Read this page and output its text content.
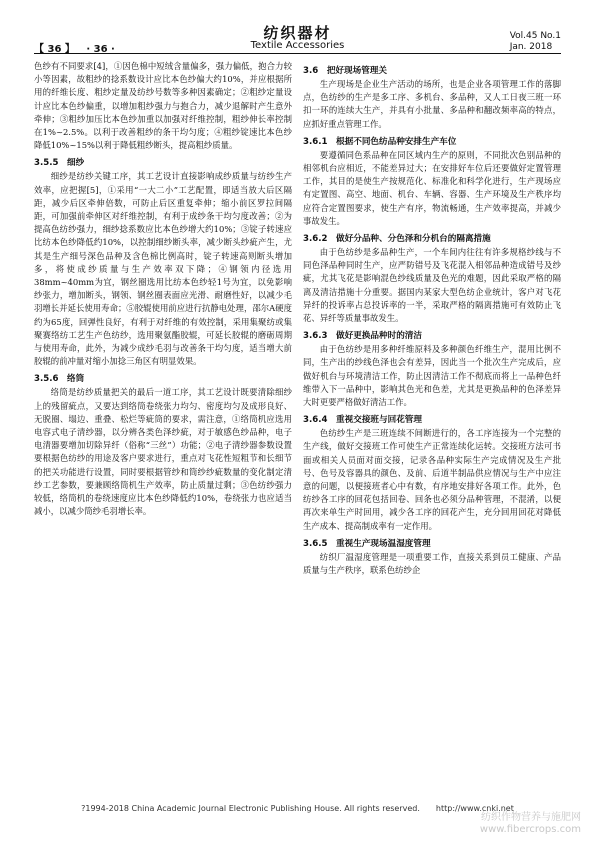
【 36 】 · 36 ·
纺织器材
Textile Accessories
Vol.45 No.1
Jan. 2018

色纱有不同要求[4]，①因色棉中短绒含量偏多，强力偏低，抱合力较小等因素，故粗纱的捻系数设计应比本色纱偏大约10%，并应根据所用的纤维长度、粗纱定量及纺纱号数等多种因素确定；②粗纱定量设计应比本色纱偏重，以增加粗纱强力与抱合力，减少退解时产生意外牵伸；③粗纱加压比本色纱加重以加强对纤维控制，粗纱伸长率控制在1%~2.5%。以利于改善粗纱的条干均匀度；④粗纱锭速比本色纱降低10%~15%以利于降低粗纱断头，提高粗纱质量。

3.5.5　细纱

细纱是纺纱关键工序，其工艺设计直接影响成纱质量与纺纱生产效率，应把握[5]，①采用“一大二小”工艺配置，即适当放大后区隔距，减少后区牵伸倍数，可防止后区重复牵伸；缩小前区罗拉间隔距，可加强前牵伸区对纤维控制，有利于成纱条干均匀度改善；②为提高色纺纱强力，细纱捻系数应比本色纱增大约10%；③锭子转速应比纺本色纱降低约10%，以控制细纱断头率，减少断头纱疵产生，尤其是生产细号深色品种及含色棉比例高时，锭子转速高则断头增加多，将使成纱质量与生产效率双下降；④钢领内径选用38mm~40mm为宜，钢丝圈选用比纺本色纱轻1号为宜，以免影响纱张力，增加断头，钢领、钢丝圈表面应光滑、耐磨性好，以减少毛羽增长并延长使用寿命；⑤胶辊使用前应进行抗静电处理，邵尔A硬度约为65度，回弹性良好，有利于对纤维的有效控制，采用集聚纺或集聚赛络纺工艺生产色纺纱，选用聚氨酯胶辊，可延长胶辊的磨砺周期与使用寿命，此外，为减少成纱毛羽与改善条干均匀度，适当增大前胶辊的前冲量对缩小加捻三角区有明显效果。

3.5.6　络筒

络筒是纺纱质量把关的最后一道工序，其工艺设计既要清除细纱上的残留疵点，又要达到络筒卷绕张力均匀、密度均匀及成形良好、无脱圈、塌边、重叠、松烂等疵筒的要求，需注意，①络筒机应选用电容式电子清纱器，以分辨各类色泽纱疵，对于敏感色纱品种，电子电清器要增加切除异纤（俗称“三丝”）功能；②电子清纱器参数设置要根据色纺纱的用途及客户要求进行，重点对飞花性短粗节和长细节的把关功能进行设置，同时要根据管纱和筒纱纱疵数量的变化制定清纱工艺参数，要兼顾络筒机生产效率，防止质量过剩；③色纺纱强力较低，络筒机的卷绕速度应比本色纱降低约10%，卷绕张力也应适当减小，以减少筒纱毛羽增长率。

3.6　把好现场管理关

生产现场是企业生产活动的场所，也是企业各项管理工作的落脚点，色纺纱的生产是多工序、多机台、多品种，又人工日夜三班一环扣一环的连续大生产，并具有小批量、多品种和翻改频率高的特点，应抓好重点管理工作。

3.6.1　根据不同色纺品种安排生产车位

要遵循同色系品种在同区域内生产的原则，不同批次色别品种的相邻机台应相近，不能差异过大；在安排好车位后还要做好定置管理工作，其目的是使生产按规范化、标准化和科学化进行，生产现场应有定置图、高空、地面、机台、车辆、容器、生产环境及生产秩序均应符合定置图要求，使生产有序，物流畅通，生产效率提高，并减少事故发生。

3.6.2　做好分品种、分色泽和分机台的隔离措施

由于色纺纱是多品种生产，一个车间内往往有许多规格纱线与不同色泽品种同时生产，应严防错号及飞花混入相邻品种造成错号及纱疵，尤其飞花是影响混色纱线质量及色光的难题，因此采取严格的隔离及清洁措施十分重要。据国内某家大型色纺企业统计，客户对飞花异纤的投诉率占总投诉率的一半，采取严格的隔离措施可有效防止飞花、异纤等质量事故发生。

3.6.3　做好更换品种时的清洁

由于色纺纱是用多种纤维原料及多种颜色纤维生产，混用比例不同，生产出的纱线色泽也会有差异，因此当一个批次生产完成后，应做好机台与环境清洁工作，防止因清洁工作不彻底而将上一品种色纤维带入下一品种中，影响其色光和色差，尤其是更换品种的色泽差异大时更要严格做好清洁工作。

3.6.4　重视交接班与回花管理

色纺纱生产是三班连续不间断进行的，各工序连接为一个完整的生产线，做好交接班工作可使生产正常连续化运转。交接班方法可书面或相关人员面对面交接，记录各品种实际生产完成情况及生产批号、色号及容器具的颜色、及前、后道半制品供应情况与生产中应注意的问题，以便接班者心中有数，有序地安排好各项工作。此外，色纺纱各工序的回花包括回卷、回条也必须分品种管理，不混淆，以便再次来单生产时回用，减少各工序的回花产生，充分回用回花对降低生产成本、提高制成率有一定作用。

3.6.5　重视生产现场温湿度管理

纺织厂温湿度管理是一项重要工作，直接关系到员工健康、产品质量与生产秩序，联系色纺纱企

?1994-2018 China Academic Journal Electronic Publishing House. All rights reserved.　　http://www.cnki.net
纺织作物营养与施肥网
www.fibercrops.com
